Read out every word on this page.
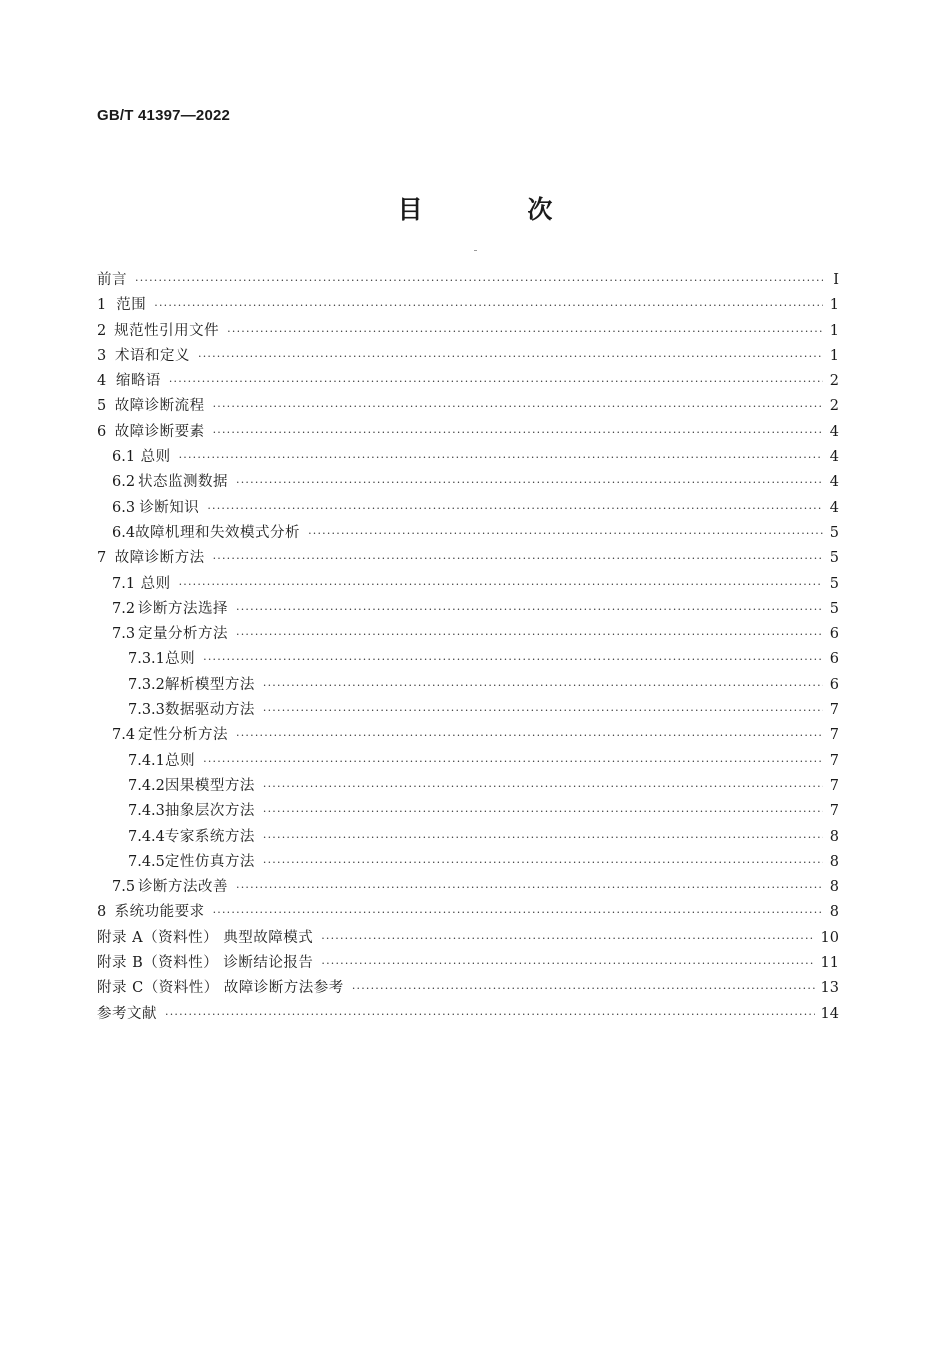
GB/T 41397—2022
目 次
前言 ·····	Ⅰ
1 范围 ·····	1
2 规范性引用文件 ·····	1
3 术语和定义 ·····	1
4 缩略语 ·····	2
5 故障诊断流程 ·····	2
6 故障诊断要素 ·····	4
6.1 总则 ·····	4
6.2 状态监测数据 ·····	4
6.3 诊断知识 ·····	4
6.4 故障机理和失效模式分析 ·····	5
7 故障诊断方法 ·····	5
7.1 总则 ·····	5
7.2 诊断方法选择 ·····	5
7.3 定量分析方法 ·····	6
7.3.1 总则 ·····	6
7.3.2 解析模型方法 ·····	6
7.3.3 数据驱动方法 ·····	7
7.4 定性分析方法 ·····	7
7.4.1 总则 ·····	7
7.4.2 因果模型方法 ·····	7
7.4.3 抽象层次方法 ·····	7
7.4.4 专家系统方法 ·····	8
7.4.5 定性仿真方法 ·····	8
7.5 诊断方法改善 ·····	8
8 系统功能要求 ·····	8
附录 A（资料性） 典型故障模式 ·····	10
附录 B（资料性） 诊断结论报告 ·····	11
附录 C（资料性） 故障诊断方法参考 ·····	13
参考文献 ·····	14
